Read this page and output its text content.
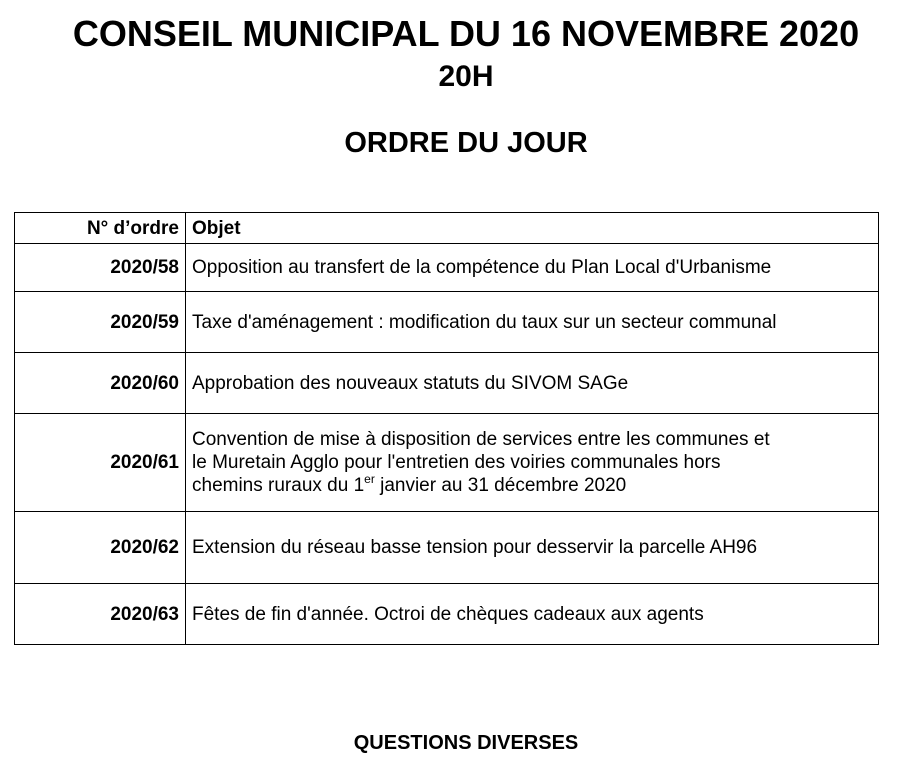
CONSEIL MUNICIPAL DU 16 NOVEMBRE 2020
20H
ORDRE DU JOUR
N° d’ordre	Objet
2020/58	Opposition au transfert de la compétence du Plan Local d'Urbanisme
2020/59	Taxe d'aménagement : modification du taux sur un secteur communal
2020/60	Approbation des nouveaux statuts du SIVOM SAGe
2020/61	Convention de mise à disposition de services entre les communes et
le Muretain Agglo pour l'entretien des voiries communales hors
chemins ruraux du 1er janvier au 31 décembre 2020
2020/62	Extension du réseau basse tension pour desservir la parcelle AH96
2020/63	Fêtes de fin d'année. Octroi de chèques cadeaux aux agents
QUESTIONS DIVERSES
